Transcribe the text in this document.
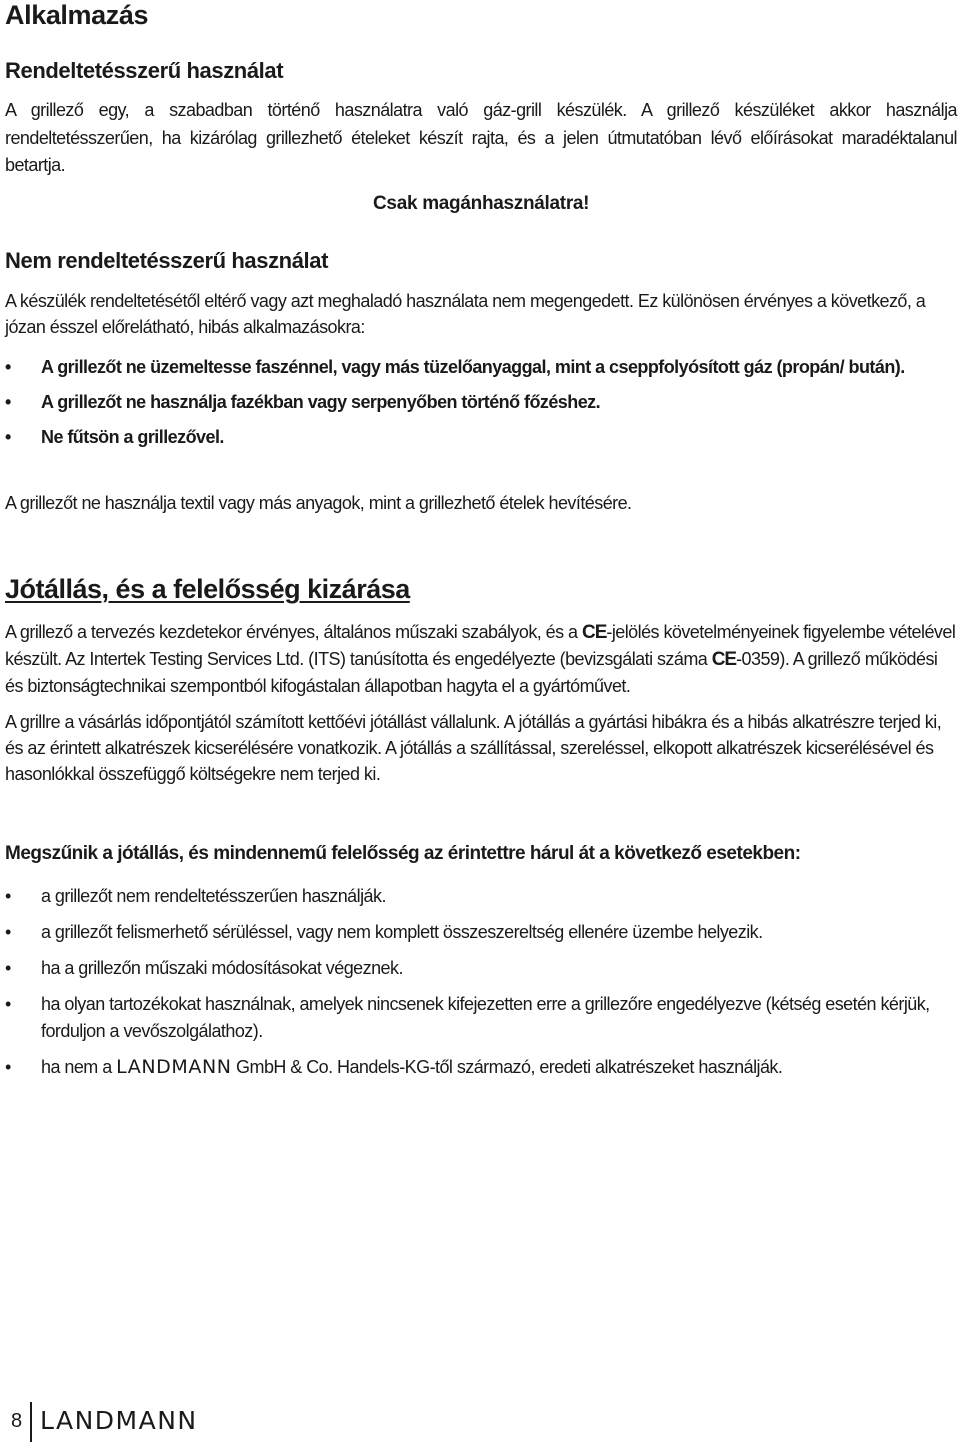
Alkalmazás
Rendeltetésszerű használat
A grillező egy, a szabadban történő használatra való gáz-grill készülék. A grillező készüléket akkor használja rendeltetésszerűen, ha kizárólag grillezhető ételeket készít rajta, és a jelen útmutatóban lévő előírásokat maradéktalanul betartja.
Csak magánhasználatra!
Nem rendeltetésszerű használat
A készülék rendeltetésétől eltérő vagy azt meghaladó használata nem megengedett. Ez különösen érvényes a következő, a józan ésszel előrelátható, hibás alkalmazásokra:
• A grillezőt ne üzemeltesse faszénnel, vagy más tüzelőanyaggal, mint a cseppfolyósított gáz (propán/ bután).
• A grillezőt ne használja fazékban vagy serpenyőben történő főzéshez.
• Ne fűtsön a grillezővel.
A grillezőt ne használja textil vagy más anyagok, mint a grillezhető ételek hevítésére.
Jótállás, és a felelősség kizárása
A grillező a tervezés kezdetekor érvényes, általános műszaki szabályok, és a CE-jelölés követelményeinek figyelembe vételével készült. Az Intertek Testing Services Ltd. (ITS) tanúsította és engedélyezte (bevizsgálati száma CE-0359). A grillező működési és biztonságtechnikai szempontból kifogástalan állapotban hagyta el a gyártóművet.
A grillre a vásárlás időpontjától számított kettőévi jótállást vállalunk. A jótállás a gyártási hibákra és a hibás alkatrészre terjed ki, és az érintett alkatrészek kicserélésére vonatkozik. A jótállás a szállítással, szereléssel, elkopott alkatrészek kicserélésével és hasonlókkal összefüggő költségekre nem terjed ki.
Megszűnik a jótállás, és mindennemű felelősség az érintettre hárul át a következő esetekben:
• a grillezőt nem rendeltetésszerűen használják.
• a grillezőt felismerhető sérüléssel, vagy nem komplett összeszereltség ellenére üzembe helyezik.
• ha a grillezőn műszaki módosításokat végeznek.
• ha olyan tartozékokat használnak, amelyek nincsenek kifejezetten erre a grillezőre engedélyezve (kétség esetén kérjük, forduljon a vevőszolgálathoz).
• ha nem a LANDMANN GmbH & Co. Handels-KG-től származó, eredeti alkatrészeket használják.
8 LANDMANN
